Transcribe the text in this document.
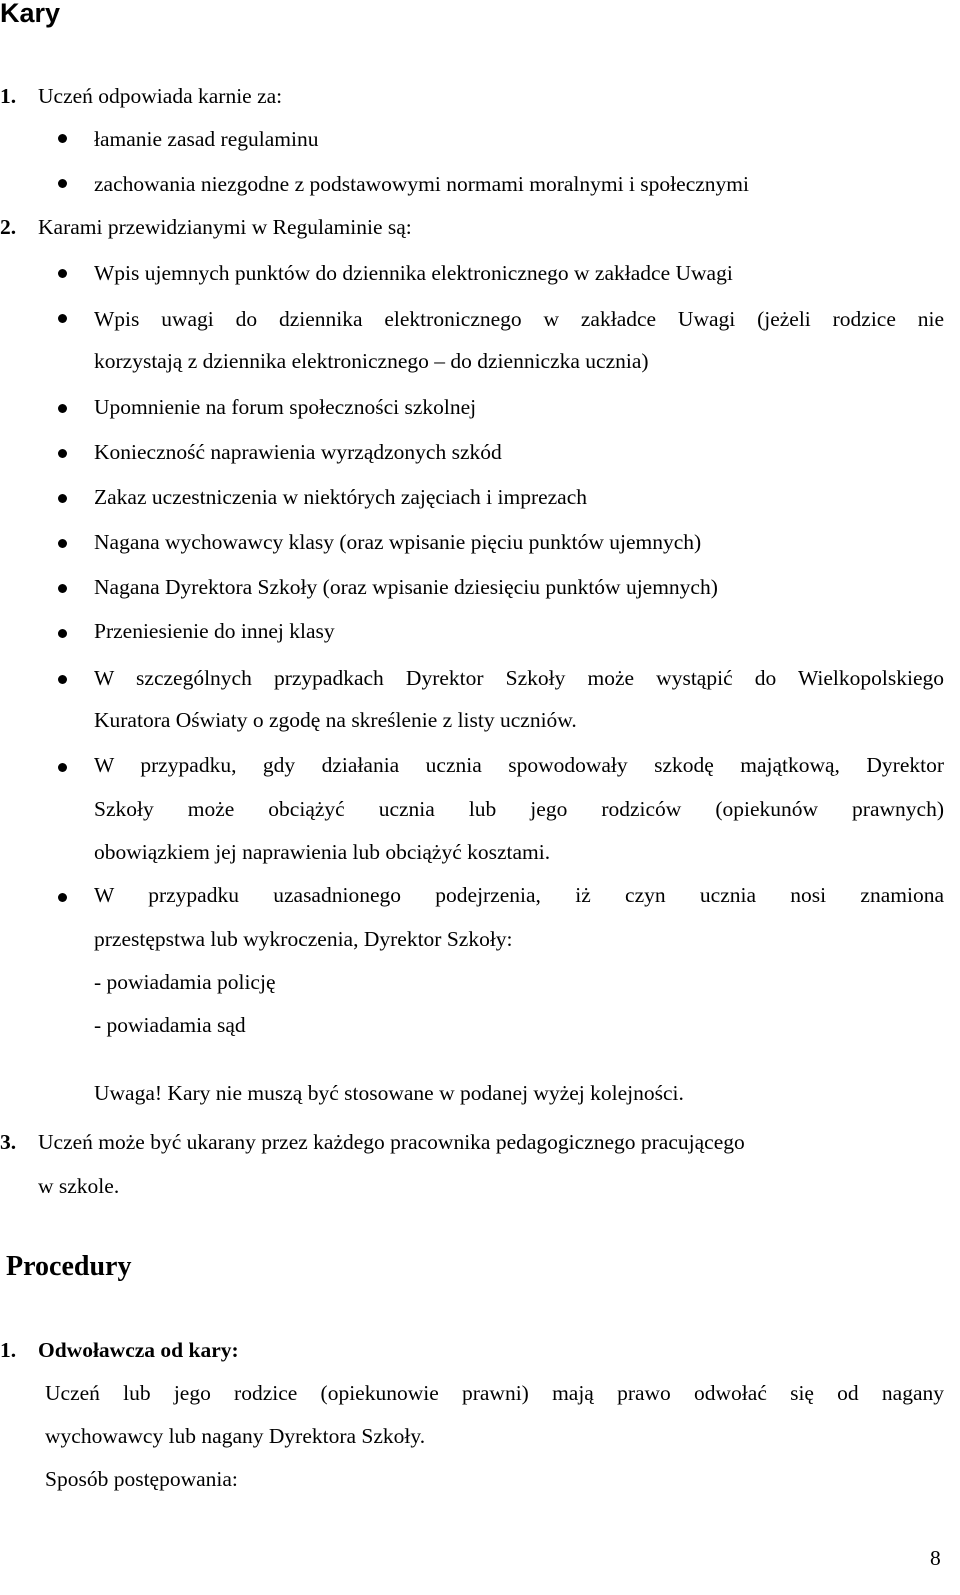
Kary
1. Uczeń odpowiada karnie za:
łamanie zasad regulaminu
zachowania niezgodne z podstawowymi normami moralnymi i społecznymi
2. Karami przewidzianymi w Regulaminie są:
Wpis ujemnych punktów do dziennika elektronicznego w zakładce Uwagi
Wpis uwagi do dziennika elektronicznego w zakładce Uwagi (jeżeli rodzice nie
korzystają z dziennika elektronicznego – do dzienniczka ucznia)
Upomnienie na forum społeczności szkolnej
Konieczność naprawienia wyrządzonych szkód
Zakaz uczestniczenia w niektórych zajęciach i imprezach
Nagana wychowawcy klasy (oraz wpisanie pięciu punktów ujemnych)
Nagana Dyrektora Szkoły (oraz wpisanie dziesięciu punktów ujemnych)
Przeniesienie do innej klasy
W szczególnych przypadkach Dyrektor Szkoły może wystąpić do Wielkopolskiego
Kuratora Oświaty o zgodę na skreślenie z listy uczniów.
W przypadku, gdy działania ucznia spowodowały szkodę majątkową, Dyrektor
Szkoły może obciążyć ucznia lub jego rodziców (opiekunów prawnych)
obowiązkiem jej naprawienia lub obciążyć kosztami.
W przypadku uzasadnionego podejrzenia, iż czyn ucznia nosi znamiona
przestępstwa lub wykroczenia, Dyrektor Szkoły:
- powiadamia policję
- powiadamia sąd
Uwaga! Kary nie muszą być stosowane w podanej wyżej kolejności.
3. Uczeń może być ukarany przez każdego pracownika pedagogicznego pracującego
w szkole.
Procedury
1. Odwoławcza od kary:
Uczeń lub jego rodzice (opiekunowie prawni) mają prawo odwołać się od nagany
wychowawcy lub nagany Dyrektora Szkoły.
Sposób postępowania:
8
